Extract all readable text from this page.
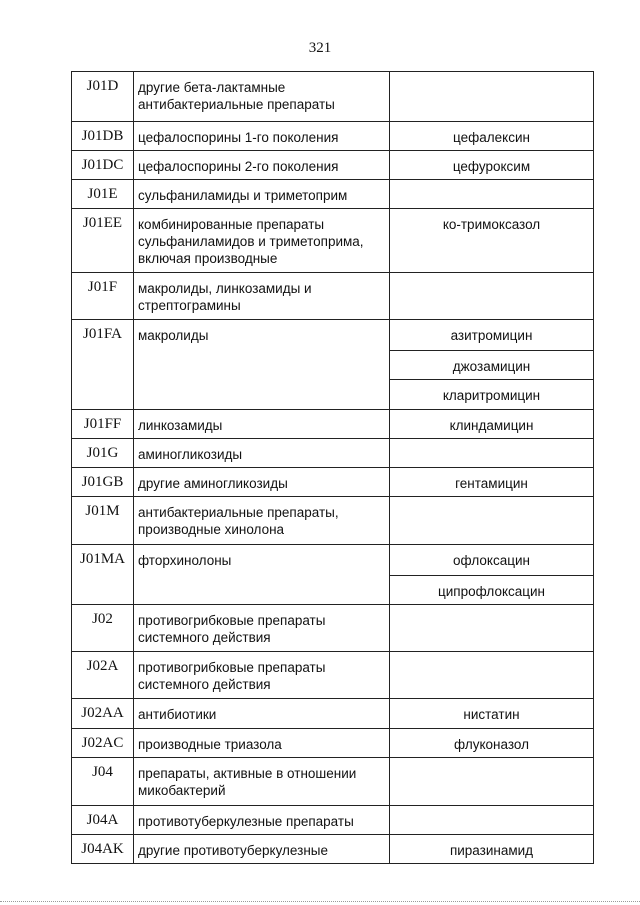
321
J01D	другие бета-лактамные антибактериальные препараты	
J01DB	цефалоспорины 1-го поколения	цефалексин
J01DC	цефалоспорины 2-го поколения	цефуроксим
J01E	сульфаниламиды и триметоприм	
J01EE	комбинированные препараты сульфаниламидов и триметоприма, включая производные	ко-тримоксазол
J01F	макролиды, линкозамиды и стрептограмины	
J01FA	макролиды	азитромицин
		джозамицин
		кларитромицин
J01FF	линкозамиды	клиндамицин
J01G	аминогликозиды	
J01GB	другие аминогликозиды	гентамицин
J01M	антибактериальные препараты, производные хинолона	
J01MA	фторхинолоны	офлоксацин
		ципрофлоксацин
J02	противогрибковые препараты системного действия	
J02A	противогрибковые препараты системного действия	
J02AA	антибиотики	нистатин
J02AC	производные триазола	флуконазол
J04	препараты, активные в отношении микобактерий	
J04A	противотуберкулезные препараты	
J04AK	другие противотуберкулезные	пиразинамид
